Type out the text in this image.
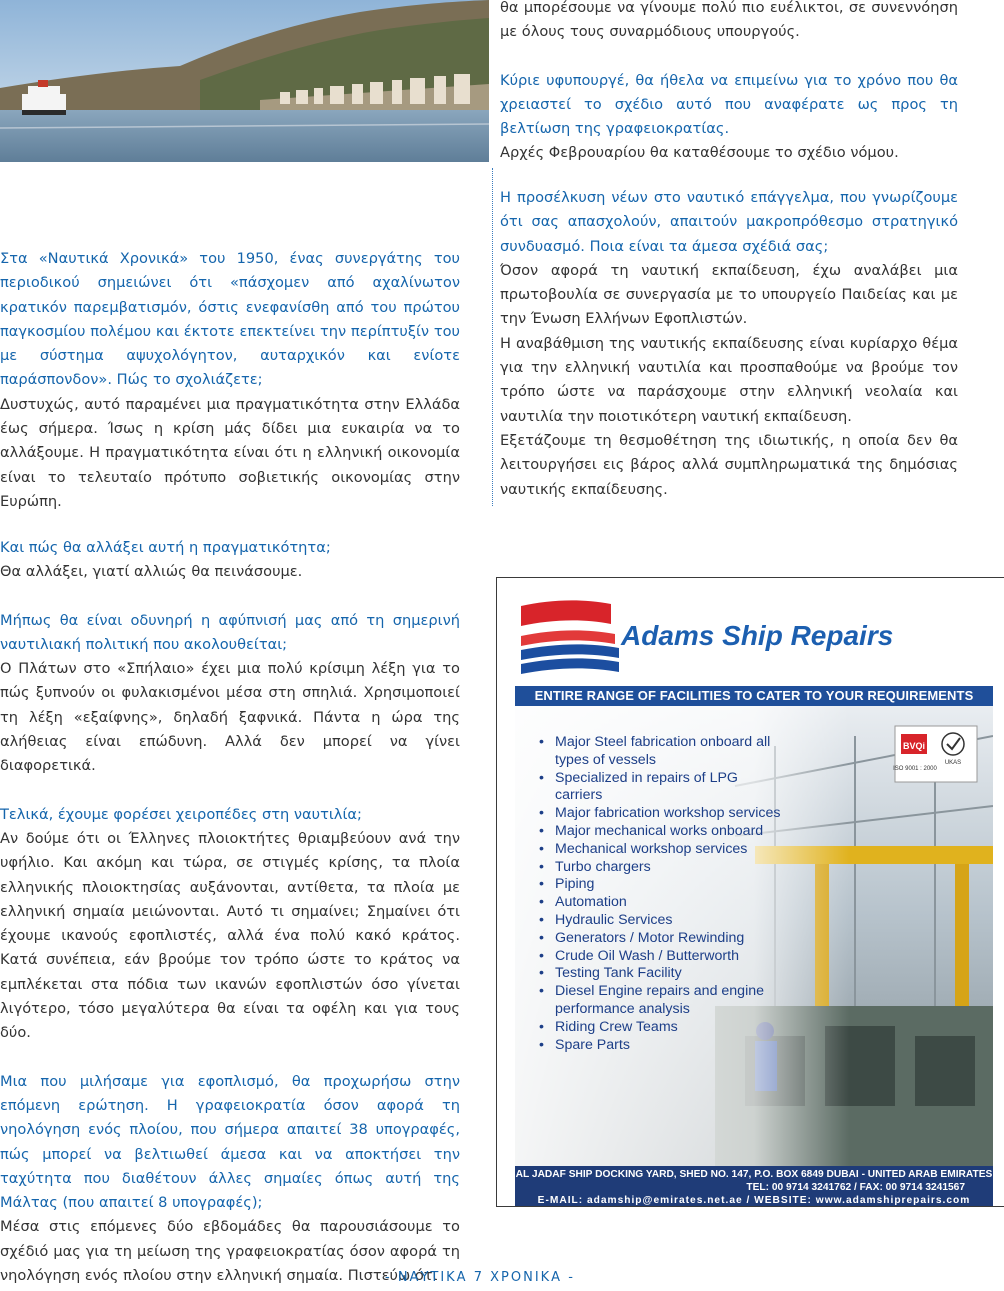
Στα «Ναυτικά Χρονικά» του 1950, ένας συνεργάτης του περιοδικού σημειώνει ότι «πάσχομεν από αχαλίνωτον κρατικόν παρεμβατισμόν, όστις ενεφανίσθη από του πρώτου παγκοσμίου πολέμου και έκτοτε επεκτείνει την περίπτυξίν του με σύστημα αψυχολόγητον, αυταρχικόν και ενίοτε παράσπονδον». Πώς το σχολιάζετε;

Δυστυχώς, αυτό παραμένει μια πραγματικότητα στην Ελλάδα έως σήμερα. Ίσως η κρίση μάς δίδει μια ευκαιρία να το αλλάξουμε. Η πραγματικότητα είναι ότι η ελληνική οικονομία είναι το τελευταίο πρότυπο σοβιετικής οικονομίας στην Ευρώπη.

Και πώς θα αλλάξει αυτή η πραγματικότητα;

Θα αλλάξει, γιατί αλλιώς θα πεινάσουμε.

Μήπως θα είναι οδυνηρή η αφύπνισή μας από τη σημερινή ναυτιλιακή πολιτική που ακολουθείται;

Ο Πλάτων στο «Σπήλαιο» έχει μια πολύ κρίσιμη λέξη για το πώς ξυπνούν οι φυλακισμένοι μέσα στη σπηλιά. Χρησιμοποιεί τη λέξη «εξαίφνης», δηλαδή ξαφνικά. Πάντα η ώρα της αλήθειας είναι επώδυνη. Αλλά δεν μπορεί να γίνει διαφορετικά.

Τελικά, έχουμε φορέσει χειροπέδες στη ναυτιλία;

Αν δούμε ότι οι Έλληνες πλοιοκτήτες θριαμβεύουν ανά την υφήλιο. Και ακόμη και τώρα, σε στιγμές κρίσης, τα πλοία ελληνικής πλοιοκτησίας αυξάνονται, αντίθετα, τα πλοία με ελληνική σημαία μειώνονται. Αυτό τι σημαίνει; Σημαίνει ότι έχουμε ικανούς εφοπλιστές, αλλά ένα πολύ κακό κράτος. Κατά συνέπεια, εάν βρούμε τον τρόπο ώστε το κράτος να εμπλέκεται στα πόδια των ικανών εφοπλιστών όσο γίνεται λιγότερο, τόσο μεγαλύτερα θα είναι τα οφέλη και για τους δύο.

Μια που μιλήσαμε για εφοπλισμό, θα προχωρήσω στην επόμενη ερώτηση. Η γραφειοκρατία όσον αφορά τη νηολόγηση ενός πλοίου, που σήμερα απαιτεί 38 υπογραφές, πώς μπορεί να βελτιωθεί άμεσα και να αποκτήσει την ταχύτητα που διαθέτουν άλλες σημαίες όπως αυτή της Μάλτας (που απαιτεί 8 υπογραφές);

Μέσα στις επόμενες δύο εβδομάδες θα παρουσιάσουμε το σχέδιό μας για τη μείωση της γραφειοκρατίας όσον αφορά τη νηολόγηση ενός πλοίου στην ελληνική σημαία. Πιστεύω ότι

θα μπορέσουμε να γίνουμε πολύ πιο ευέλικτοι, σε συνεννόηση με όλους τους συναρμόδιους υπουργούς.

Κύριε υφυπουργέ, θα ήθελα να επιμείνω για το χρόνο που θα χρειαστεί το σχέδιο αυτό που αναφέρατε ως προς τη βελτίωση της γραφειοκρατίας.

Αρχές Φεβρουαρίου θα καταθέσουμε το σχέδιο νόμου.

Η προσέλκυση νέων στο ναυτικό επάγγελμα, που γνωρίζουμε ότι σας απασχολούν, απαιτούν μακροπρόθεσμο στρατηγικό συνδυασμό. Ποια είναι τα άμεσα σχέδιά σας;

Όσον αφορά τη ναυτική εκπαίδευση, έχω αναλάβει μια πρωτοβουλία σε συνεργασία με το υπουργείο Παιδείας και με την Ένωση Ελλήνων Εφοπλιστών.

Η αναβάθμιση της ναυτικής εκπαίδευσης είναι κυρίαρχο θέμα για την ελληνική ναυτιλία και προσπαθούμε να βρούμε τον τρόπο ώστε να παράσχουμε στην ελληνική νεολαία και ναυτιλία την ποιοτικότερη ναυτική εκπαίδευση.

Εξετάζουμε τη θεσμοθέτηση της ιδιωτικής, η οποία δεν θα λειτουργήσει εις βάρος αλλά συμπληρωματικά της δημόσιας ναυτικής εκπαίδευσης.

Adams Ship Repairs
ENTIRE RANGE OF FACILITIES TO CATER TO YOUR REQUIREMENTS
BVQi
UKAS
ISO 9001 : 2000
• Major Steel fabrication onboard all types of vessels
• Specialized in repairs of LPG carriers
• Major fabrication workshop services
• Major mechanical works onboard
• Mechanical workshop services
• Turbo chargers
• Piping
• Automation
• Hydraulic Services
• Generators / Motor Rewinding
• Crude Oil Wash / Butterworth
• Testing Tank Facility
• Diesel Engine repairs and engine performance analysis
• Riding Crew Teams
• Spare Parts
AL JADAF SHIP DOCKING YARD, SHED NO. 147, P.O. BOX 6849 DUBAI - UNITED ARAB EMIRATES
TEL: 00 9714 3241762 / FAX: 00 9714 3241567
E-MAIL: adamship@emirates.net.ae / WEBSITE: www.adamshiprepairs.com
- ΝΑΥΤΙΚΑ 7 ΧΡΟΝΙΚΑ -
